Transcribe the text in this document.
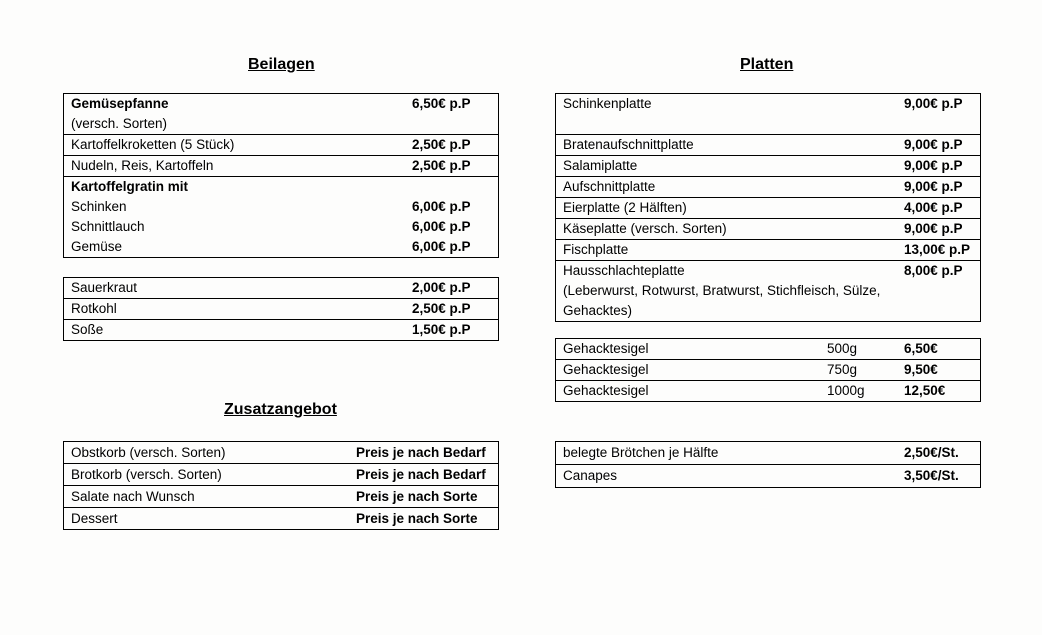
Beilagen	Platten
Zusatzangebot
Gemüsepfanne	6,50€ p.P
(versch. Sorten)
Kartoffelkroketten (5 Stück)	2,50€ p.P
Nudeln, Reis, Kartoffeln	2,50€ p.P
Kartoffelgratin mit
Schinken	6,00€ p.P
Schnittlauch	6,00€ p.P
Gemüse	6,00€ p.P
Sauerkraut	2,00€ p.P
Rotkohl	2,50€ p.P
Soße	1,50€ p.P
Obstkorb (versch. Sorten)	Preis je nach Bedarf
Brotkorb (versch. Sorten)	Preis je nach Bedarf
Salate nach Wunsch	Preis je nach Sorte
Dessert	Preis je nach Sorte
Schinkenplatte	9,00€ p.P
Bratenaufschnittplatte	9,00€ p.P
Salamiplatte	9,00€ p.P
Aufschnittplatte	9,00€ p.P
Eierplatte (2 Hälften)	4,00€ p.P
Käseplatte (versch. Sorten)	9,00€ p.P
Fischplatte	13,00€ p.P
Hausschlachteplatte	8,00€ p.P
(Leberwurst, Rotwurst, Bratwurst, Stichfleisch, Sülze,
Gehacktes)
Gehacktesigel	500g	6,50€
Gehacktesigel	750g	9,50€
Gehacktesigel	1000g	12,50€
belegte Brötchen je Hälfte	2,50€/St.
Canapes	3,50€/St.
